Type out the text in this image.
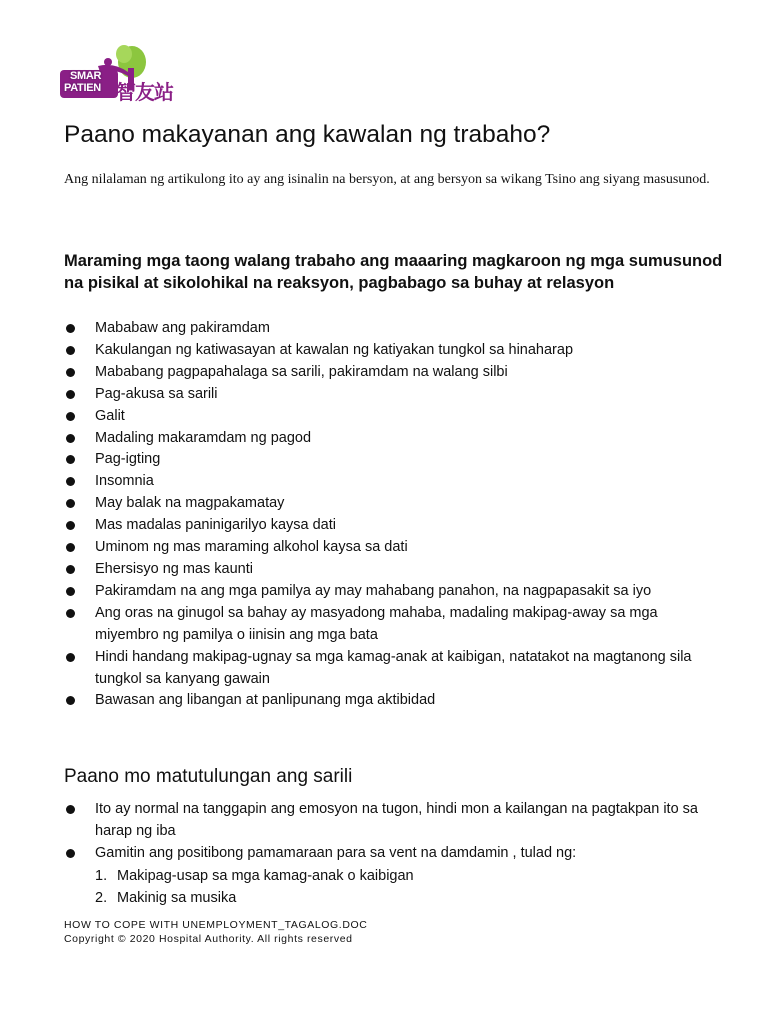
SMAR
PATIEN 智友站
Paano makayanan ang kawalan ng trabaho?

Ang nilalaman ng artikulong ito ay ang isinalin na bersyon, at ang bersyon sa wikang Tsino ang siyang masusunod.

Maraming mga taong walang trabaho ang maaaring magkaroon ng mga sumusunod na pisikal at sikolohikal na reaksyon, pagbabago sa buhay at relasyon
Mababaw ang pakiramdam
Kakulangan ng katiwasayan at kawalan ng katiyakan tungkol sa hinaharap
Mababang pagpapahalaga sa sarili, pakiramdam na walang silbi
Pag-akusa sa sarili
Galit
Madaling makaramdam ng pagod
Pag-igting
Insomnia
May balak na magpakamatay
Mas madalas paninigarilyo kaysa dati
Uminom ng mas maraming alkohol kaysa sa dati
Ehersisyo ng mas kaunti
Pakiramdam na ang mga pamilya ay may mahabang panahon, na nagpapasakit sa iyo
Ang oras na ginugol sa bahay ay masyadong mahaba, madaling makipag-away sa mga miyembro ng pamilya o iinisin ang mga bata
Hindi handang makipag-ugnay sa mga kamag-anak at kaibigan, natatakot na magtanong sila tungkol sa kanyang gawain
Bawasan ang libangan at panlipunang mga aktibidad
Paano mo matutulungan ang sarili
Ito ay normal na tanggapin ang emosyon na tugon, hindi mon a kailangan na pagtakpan ito sa harap ng iba
Gamitin ang positibong pamamaraan para sa vent na damdamin , tulad ng:
1. Makipag-usap sa mga kamag-anak o kaibigan
2. Makinig sa musika
HOW TO COPE WITH UNEMPLOYMENT_TAGALOG.DOC
Copyright © 2020 Hospital Authority. All rights reserved
